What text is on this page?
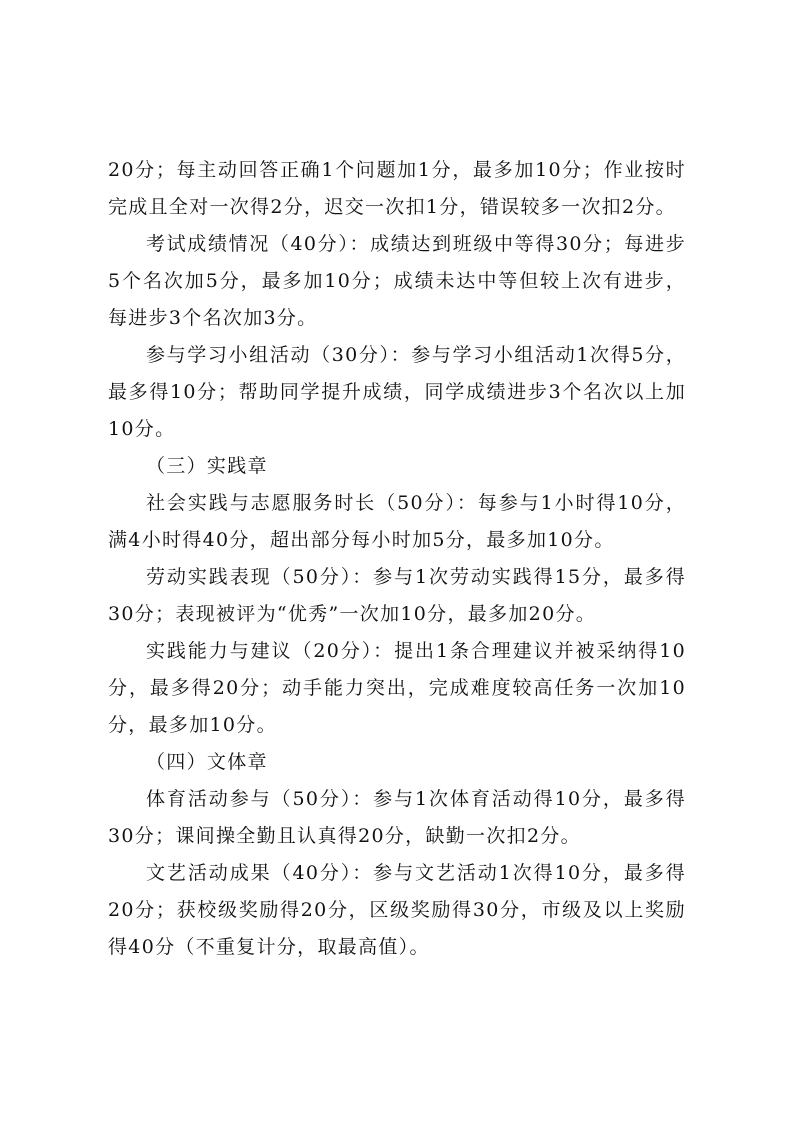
20分；每主动回答正确1个问题加1分，最多加10分；作业按时完成且全对一次得2分，迟交一次扣1分，错误较多一次扣2分。

考试成绩情况（40分）：成绩达到班级中等得30分；每进步5个名次加5分，最多加10分；成绩未达中等但较上次有进步，每进步3个名次加3分。

参与学习小组活动（30分）：参与学习小组活动1次得5分，最多得10分；帮助同学提升成绩，同学成绩进步3个名次以上加10分。

（三）实践章

社会实践与志愿服务时长（50分）：每参与1小时得10分，满4小时得40分，超出部分每小时加5分，最多加10分。

劳动实践表现（50分）：参与1次劳动实践得15分，最多得30分；表现被评为“优秀”一次加10分，最多加20分。

实践能力与建议（20分）：提出1条合理建议并被采纳得10分，最多得20分；动手能力突出，完成难度较高任务一次加10分，最多加10分。

（四）文体章

体育活动参与（50分）：参与1次体育活动得10分，最多得30分；课间操全勤且认真得20分，缺勤一次扣2分。

文艺活动成果（40分）：参与文艺活动1次得10分，最多得20分；获校级奖励得20分，区级奖励得30分，市级及以上奖励得40分（不重复计分，取最高值）。
